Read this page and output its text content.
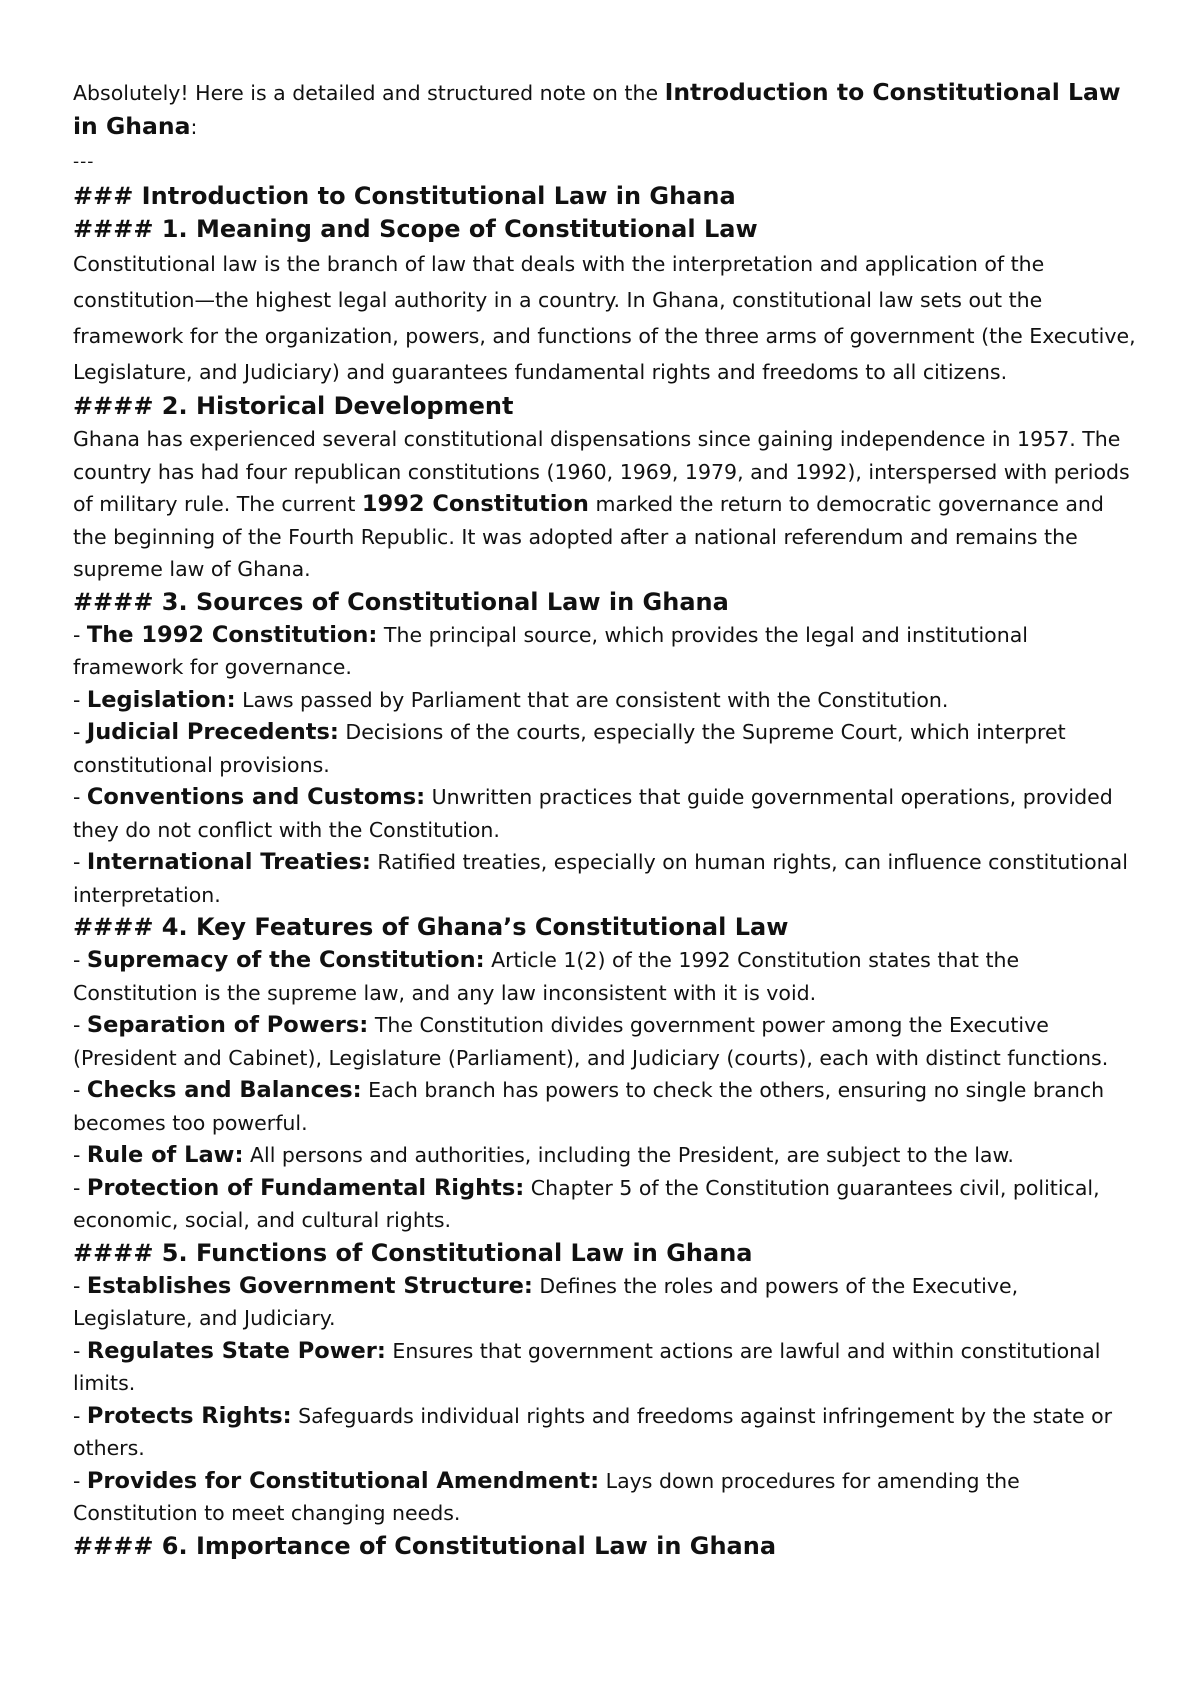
Absolutely! Here is a detailed and structured note on the Introduction to Constitutional Law in Ghana:

---

### Introduction to Constitutional Law in Ghana

#### 1. Meaning and Scope of Constitutional Law

Constitutional law is the branch of law that deals with the interpretation and application of the constitution—the highest legal authority in a country. In Ghana, constitutional law sets out the framework for the organization, powers, and functions of the three arms of government (the Executive, Legislature, and Judiciary) and guarantees fundamental rights and freedoms to all citizens.

#### 2. Historical Development

Ghana has experienced several constitutional dispensations since gaining independence in 1957. The country has had four republican constitutions (1960, 1969, 1979, and 1992), interspersed with periods of military rule. The current 1992 Constitution marked the return to democratic governance and the beginning of the Fourth Republic. It was adopted after a national referendum and remains the supreme law of Ghana.

#### 3. Sources of Constitutional Law in Ghana

- The 1992 Constitution: The principal source, which provides the legal and institutional framework for governance.

- Legislation: Laws passed by Parliament that are consistent with the Constitution.

- Judicial Precedents: Decisions of the courts, especially the Supreme Court, which interpret constitutional provisions.

- Conventions and Customs: Unwritten practices that guide governmental operations, provided they do not conflict with the Constitution.

- International Treaties: Ratified treaties, especially on human rights, can influence constitutional interpretation.

#### 4. Key Features of Ghana’s Constitutional Law

- Supremacy of the Constitution: Article 1(2) of the 1992 Constitution states that the Constitution is the supreme law, and any law inconsistent with it is void.

- Separation of Powers: The Constitution divides government power among the Executive (President and Cabinet), Legislature (Parliament), and Judiciary (courts), each with distinct functions.

- Checks and Balances: Each branch has powers to check the others, ensuring no single branch becomes too powerful.

- Rule of Law: All persons and authorities, including the President, are subject to the law.

- Protection of Fundamental Rights: Chapter 5 of the Constitution guarantees civil, political, economic, social, and cultural rights.

#### 5. Functions of Constitutional Law in Ghana

- Establishes Government Structure: Defines the roles and powers of the Executive, Legislature, and Judiciary.

- Regulates State Power: Ensures that government actions are lawful and within constitutional limits.

- Protects Rights: Safeguards individual rights and freedoms against infringement by the state or others.

- Provides for Constitutional Amendment: Lays down procedures for amending the Constitution to meet changing needs.

#### 6. Importance of Constitutional Law in Ghana
